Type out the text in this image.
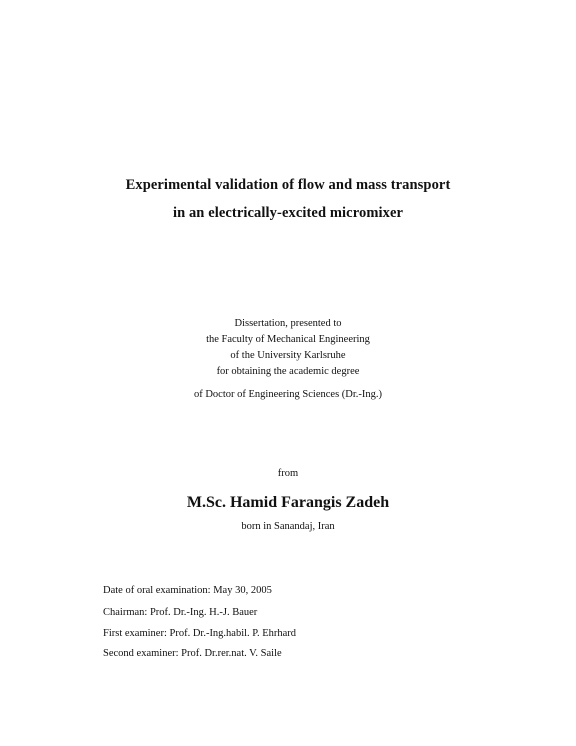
Experimental validation of flow and mass transport
in an electrically-excited micromixer
Dissertation, presented to
the Faculty of Mechanical Engineering
of the University Karlsruhe
for obtaining the academic degree
of Doctor of Engineering Sciences (Dr.-Ing.)
from
M.Sc. Hamid Farangis Zadeh
born in Sanandaj, Iran
Date of oral examination: May 30, 2005
Chairman: Prof. Dr.-Ing. H.-J. Bauer
First examiner: Prof. Dr.-Ing.habil. P. Ehrhard
Second examiner: Prof. Dr.rer.nat. V. Saile
